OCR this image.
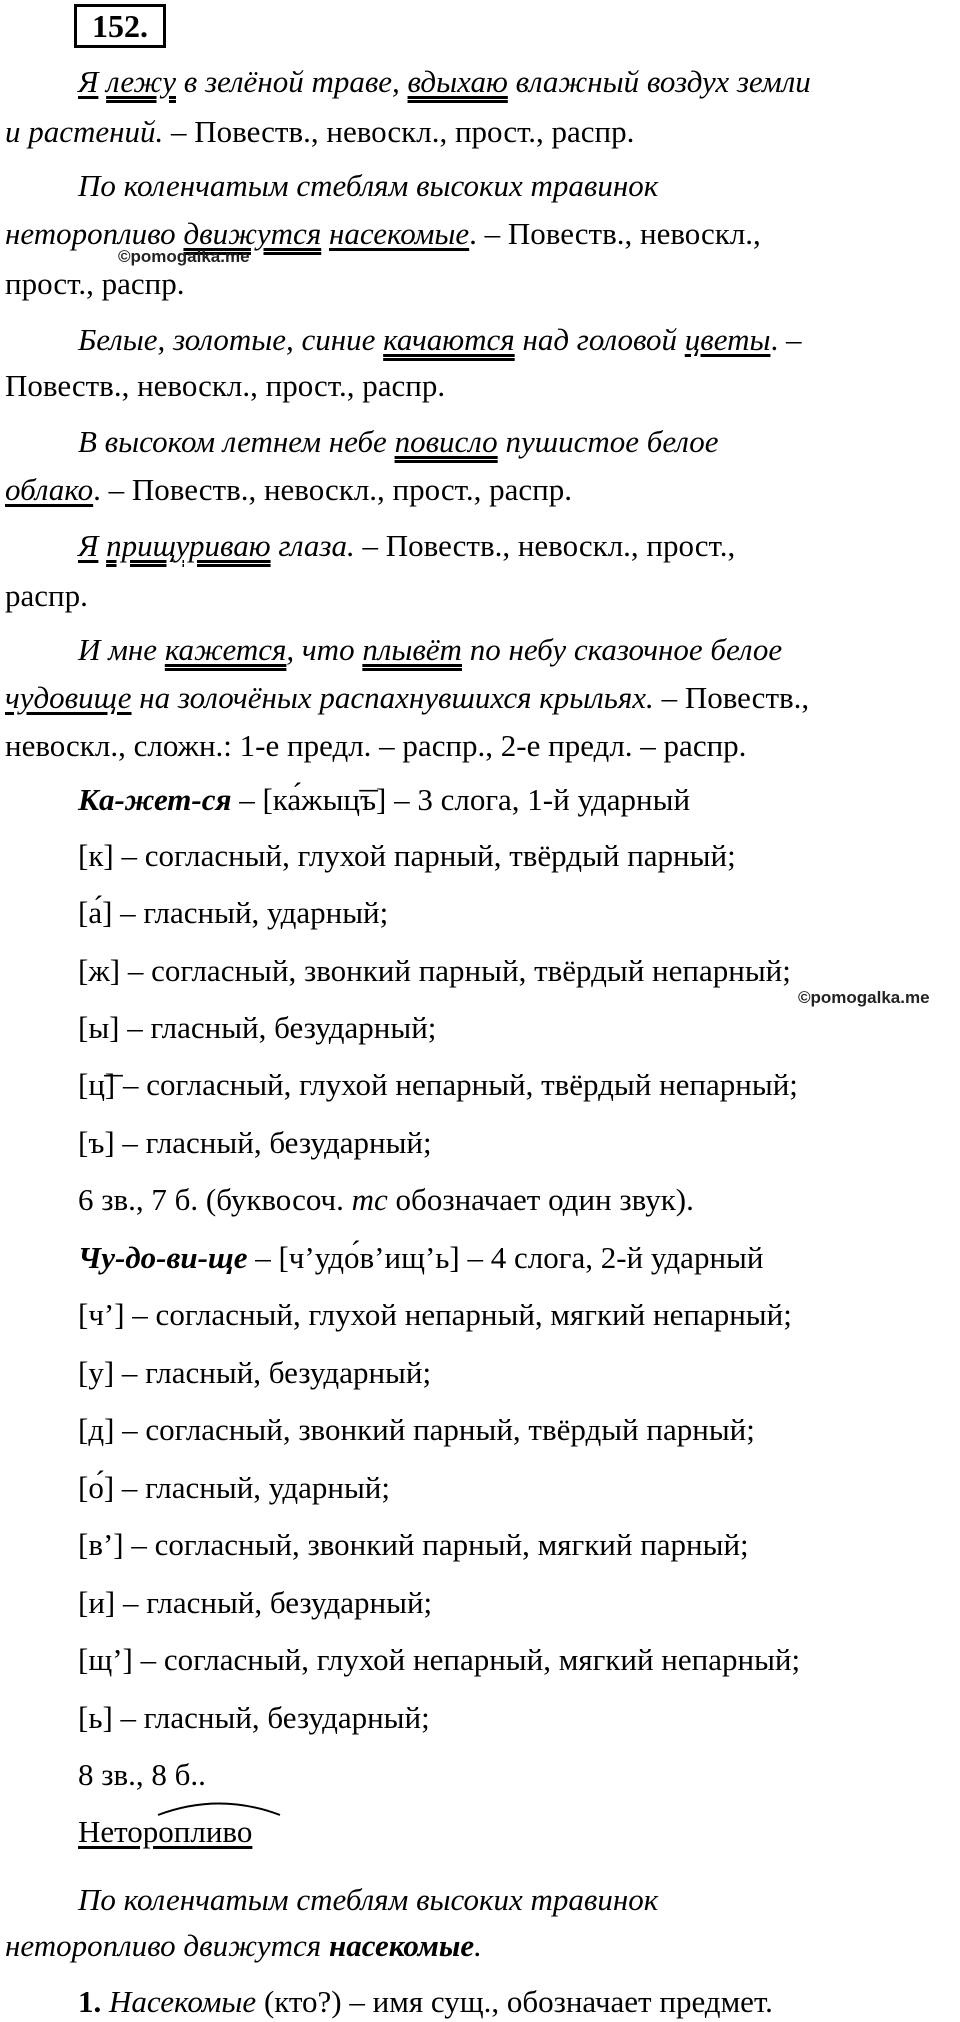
152.
Я лежу в зелёной траве, вдыхаю влажный воздух земли
и растений. – Повеств., невоскл., прост., распр.
По коленчатым стеблям высоких травинок
неторопливо движутся насекомые. – Повеств., невоскл.,
©pomogalka.me
прост., распр.
Белые, золотые, синие качаются над головой цветы. –
Повеств., невоскл., прост., распр.
В высоком летнем небе повисло пушистое белое
облако. – Повеств., невоскл., прост., распр.
Я прищуриваю глаза. – Повеств., невоскл., прост.,
распр.
И мне кажется, что плывёт по небу сказочное белое
чудовище на золочёных распахнувшихся крыльях. – Повеств.,
невоскл., сложн.: 1-е предл. – распр., 2-е предл. – распр.
Ка-жет-ся – [ка́жыц͞ъ] – 3 слога, 1-й ударный
[к] – согласный, глухой парный, твёрдый парный;
[а́] – гласный, ударный;
[ж] – согласный, звонкий парный, твёрдый непарный;
©pomogalka.me
[ы] – гласный, безударный;
[ц͞] – согласный, глухой непарный, твёрдый непарный;
[ъ] – гласный, безударный;
6 зв., 7 б. (буквосоч. тс обозначает один звук).
Чу-до-ви-ще – [ч’удо́в’ищ’ь] – 4 слога, 2-й ударный
[ч’] – согласный, глухой непарный, мягкий непарный;
[у] – гласный, безударный;
[д] – согласный, звонкий парный, твёрдый парный;
[о́] – гласный, ударный;
[в’] – согласный, звонкий парный, мягкий парный;
[и] – гласный, безударный;
[щ’] – согласный, глухой непарный, мягкий непарный;
[ь] – гласный, безударный;
8 зв., 8 б..
Неторопливо
По коленчатым стеблям высоких травинок
неторопливо движутся насекомые.
1. Насекомые (кто?) – имя сущ., обозначает предмет.
